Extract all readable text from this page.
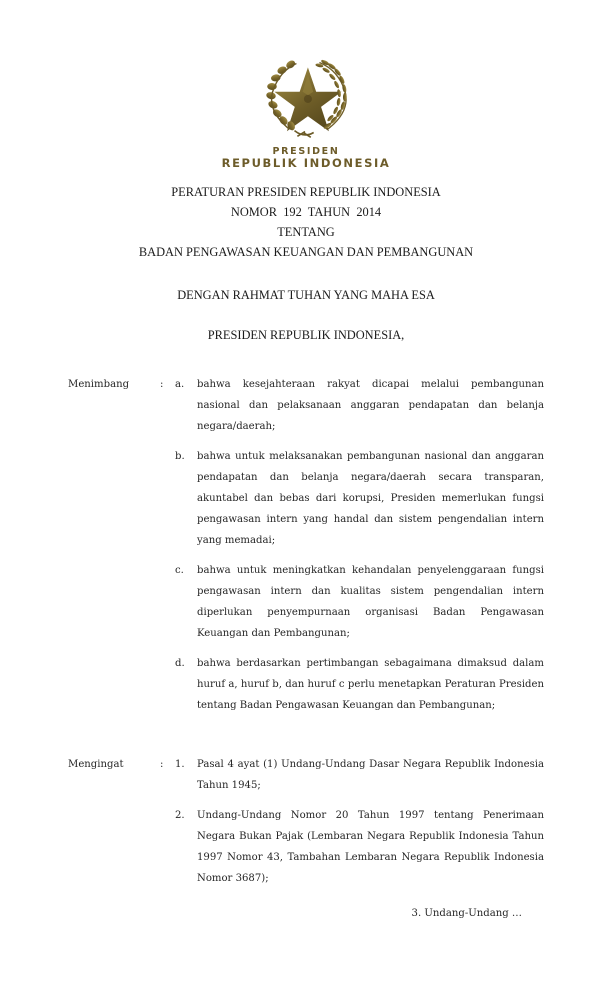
PRESIDEN
REPUBLIK INDONESIA
PERATURAN PRESIDEN REPUBLIK INDONESIA
NOMOR  192  TAHUN  2014
TENTANG
BADAN PENGAWASAN KEUANGAN DAN PEMBANGUNAN
DENGAN RAHMAT TUHAN YANG MAHA ESA
PRESIDEN REPUBLIK INDONESIA,
Menimbang	:	a.	bahwa kesejahteraan rakyat dicapai melalui pembangunan nasional dan pelaksanaan anggaran pendapatan dan belanja negara/daerah;
b.	bahwa untuk melaksanakan pembangunan nasional dan anggaran pendapatan dan belanja negara/daerah secara transparan, akuntabel dan bebas dari korupsi, Presiden memerlukan fungsi pengawasan intern yang handal dan sistem pengendalian intern yang memadai;
c.	bahwa untuk meningkatkan kehandalan penyelenggaraan fungsi pengawasan intern dan kualitas sistem pengendalian intern diperlukan penyempurnaan organisasi Badan Pengawasan Keuangan dan Pembangunan;
d.	bahwa berdasarkan pertimbangan sebagaimana dimaksud dalam huruf a, huruf b, dan huruf c perlu menetapkan Peraturan Presiden tentang Badan Pengawasan Keuangan dan Pembangunan;
Mengingat	:	1.	Pasal 4 ayat (1) Undang-Undang Dasar Negara Republik Indonesia Tahun 1945;
2.	Undang-Undang Nomor 20 Tahun 1997 tentang Penerimaan Negara Bukan Pajak (Lembaran Negara Republik Indonesia Tahun 1997 Nomor 43, Tambahan Lembaran Negara Republik Indonesia Nomor 3687);
3. Undang-Undang …
